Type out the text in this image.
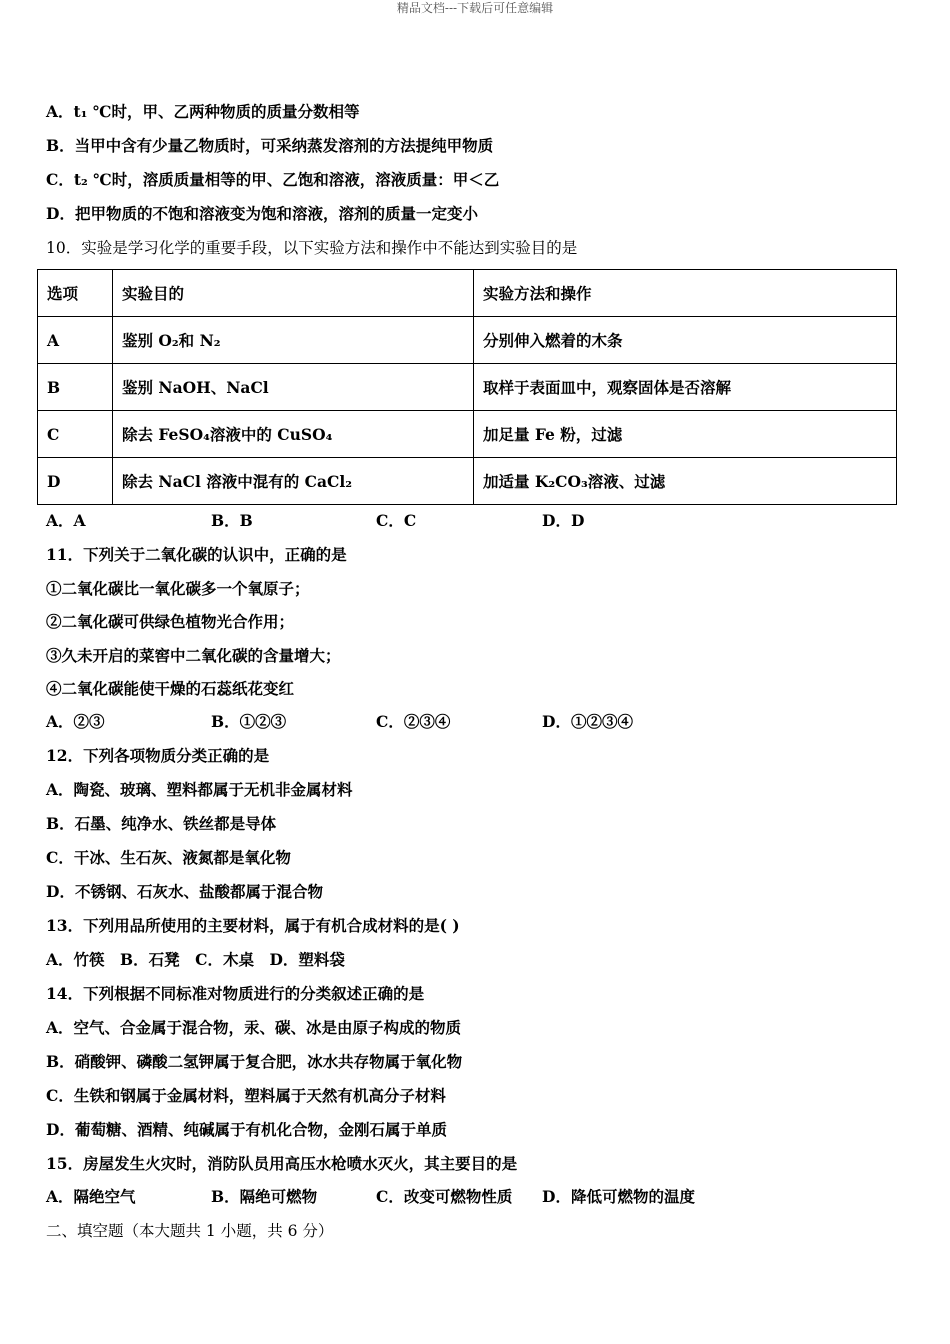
精品文档---下载后可任意编辑
A．t₁ ℃时，甲、乙两种物质的质量分数相等
B．当甲中含有少量乙物质时，可采纳蒸发溶剂的方法提纯甲物质
C．t₂ ℃时，溶质质量相等的甲、乙饱和溶液，溶液质量：甲＜乙
D．把甲物质的不饱和溶液变为饱和溶液，溶剂的质量一定变小
10．实验是学习化学的重要手段，以下实验方法和操作中不能达到实验目的是
选项	实验目的	实验方法和操作
A	鉴别 O₂和 N₂	分别伸入燃着的木条
B	鉴别 NaOH、NaCl	取样于表面皿中，观察固体是否溶解
C	除去 FeSO₄溶液中的 CuSO₄	加足量 Fe 粉，过滤
D	除去 NaCl 溶液中混有的 CaCl₂	加适量 K₂CO₃溶液、过滤
A．A	B．B	C．C	D．D
11．下列关于二氧化碳的认识中，正确的是
①二氧化碳比一氧化碳多一个氧原子；
②二氧化碳可供绿色植物光合作用；
③久未开启的菜窖中二氧化碳的含量增大；
④二氧化碳能使干燥的石蕊纸花变红
A．②③	B．①②③	C．②③④	D．①②③④
12．下列各项物质分类正确的是
A．陶瓷、玻璃、塑料都属于无机非金属材料
B．石墨、纯净水、铁丝都是导体
C．干冰、生石灰、液氮都是氧化物
D．不锈钢、石灰水、盐酸都属于混合物
13．下列用品所使用的主要材料，属于有机合成材料的是( )
A．竹筷　B．石凳　C．木桌　D．塑料袋
14．下列根据不同标准对物质进行的分类叙述正确的是
A．空气、合金属于混合物，汞、碳、冰是由原子构成的物质
B．硝酸钾、磷酸二氢钾属于复合肥，冰水共存物属于氧化物
C．生铁和钢属于金属材料，塑料属于天然有机高分子材料
D．葡萄糖、酒精、纯碱属于有机化合物，金刚石属于单质
15．房屋发生火灾时，消防队员用高压水枪喷水灭火，其主要目的是
A．隔绝空气	B．隔绝可燃物	C．改变可燃物性质 D．降低可燃物的温度
二、填空题（本大题共 1 小题，共 6 分）
